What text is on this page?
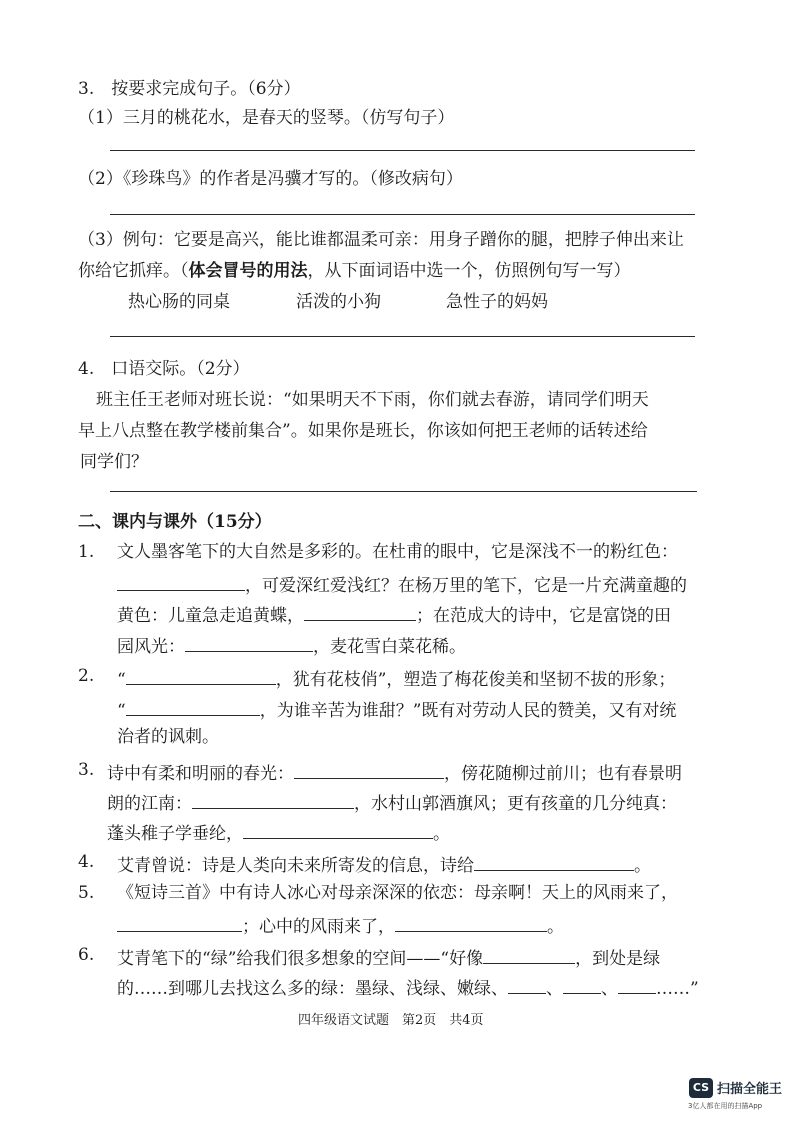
3.　按要求完成句子。（6分）
（1）三月的桃花水，是春天的竖琴。（仿写句子）
（2）《珍珠鸟》的作者是冯骥才写的。（修改病句）
（3）例句：它要是高兴，能比谁都温柔可亲：用身子蹭你的腿，把脖子伸出来让
你给它抓痒。（体会冒号的用法，从下面词语中选一个，仿照例句写一写）
热心肠的同桌	活泼的小狗	急性子的妈妈
4.　口语交际。（2分）
班主任王老师对班长说：“如果明天不下雨，你们就去春游，请同学们明天
早上八点整在教学楼前集合”。如果你是班长，你该如何把王老师的话转述给
同学们？
二、课内与课外（15分）
1. 文人墨客笔下的大自然是多彩的。在杜甫的眼中，它是深浅不一的粉红色：
，可爱深红爱浅红？在杨万里的笔下，它是一片充满童趣的
黄色：儿童急走追黄蝶，	；在范成大的诗中，它是富饶的田
园风光：	，麦花雪白菜花稀。
2. “	，犹有花枝俏”，塑造了梅花俊美和坚韧不拔的形象；
“	，为谁辛苦为谁甜？”既有对劳动人民的赞美，又有对统
治者的讽刺。
3. 诗中有柔和明丽的春光：	，傍花随柳过前川；也有春景明
朗的江南：	，水村山郭酒旗风；更有孩童的几分纯真：
蓬头稚子学垂纶，	。
4. 艾青曾说：诗是人类向未来所寄发的信息，诗给	。
5. 《短诗三首》中有诗人冰心对母亲深深的依恋：母亲啊！天上的风雨来了，
；心中的风雨来了，	。
6. 艾青笔下的“绿”给我们很多想象的空间——“好像	，到处是绿
的……到哪儿去找这么多的绿：墨绿、浅绿、嫩绿、 、 、 ……”
四年级语文试题　第2页　共4页
CS 扫描全能王
3亿人都在用的扫描App
